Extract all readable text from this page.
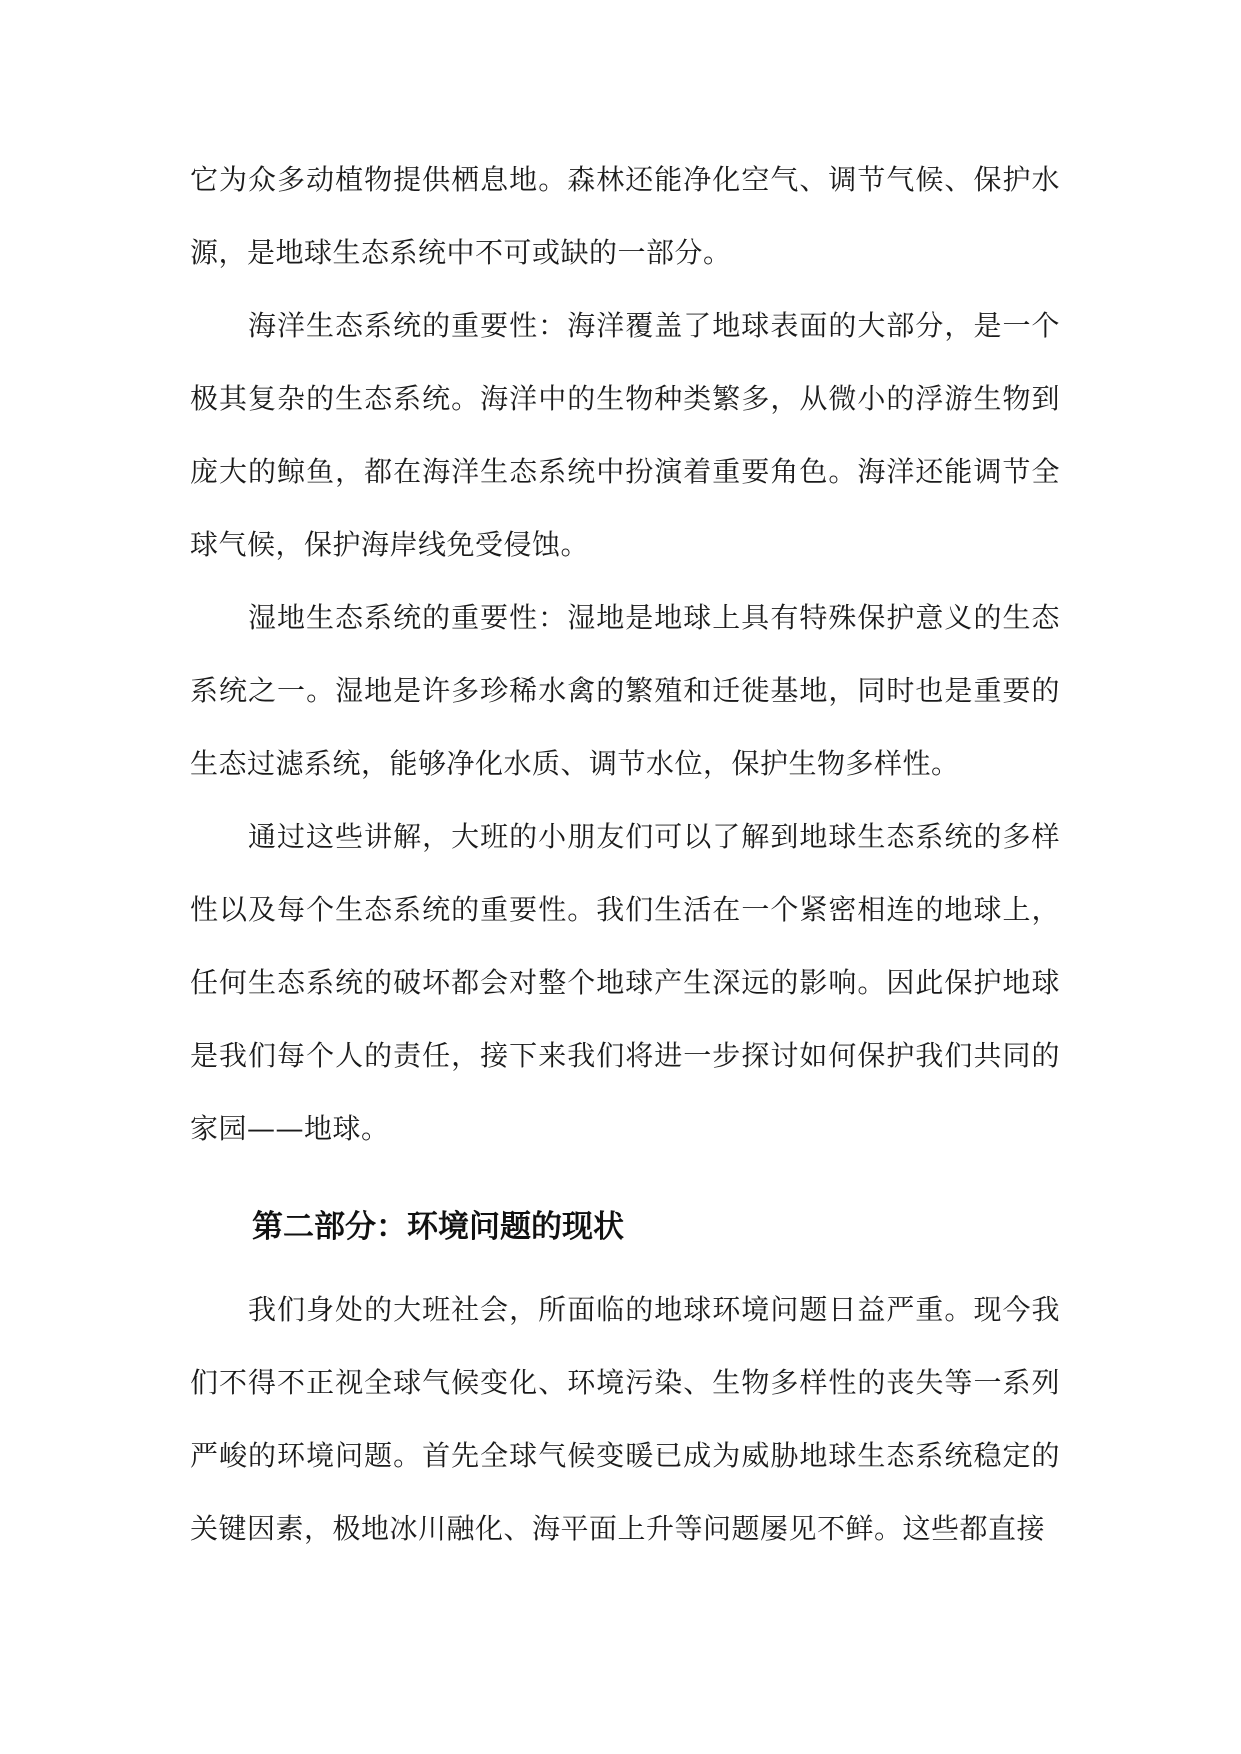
它为众多动植物提供栖息地。森林还能净化空气、调节气候、保护水源，是地球生态系统中不可或缺的一部分。

海洋生态系统的重要性：海洋覆盖了地球表面的大部分，是一个极其复杂的生态系统。海洋中的生物种类繁多，从微小的浮游生物到庞大的鲸鱼，都在海洋生态系统中扮演着重要角色。海洋还能调节全球气候，保护海岸线免受侵蚀。

湿地生态系统的重要性：湿地是地球上具有特殊保护意义的生态系统之一。湿地是许多珍稀水禽的繁殖和迁徙基地，同时也是重要的生态过滤系统，能够净化水质、调节水位，保护生物多样性。

通过这些讲解，大班的小朋友们可以了解到地球生态系统的多样性以及每个生态系统的重要性。我们生活在一个紧密相连的地球上，任何生态系统的破坏都会对整个地球产生深远的影响。因此保护地球是我们每个人的责任，接下来我们将进一步探讨如何保护我们共同的家园——地球。

第二部分：环境问题的现状

我们身处的大班社会，所面临的地球环境问题日益严重。现今我们不得不正视全球气候变化、环境污染、生物多样性的丧失等一系列严峻的环境问题。首先全球气候变暖已成为威胁地球生态系统稳定的关键因素，极地冰川融化、海平面上升等问题屡见不鲜。这些都直接
